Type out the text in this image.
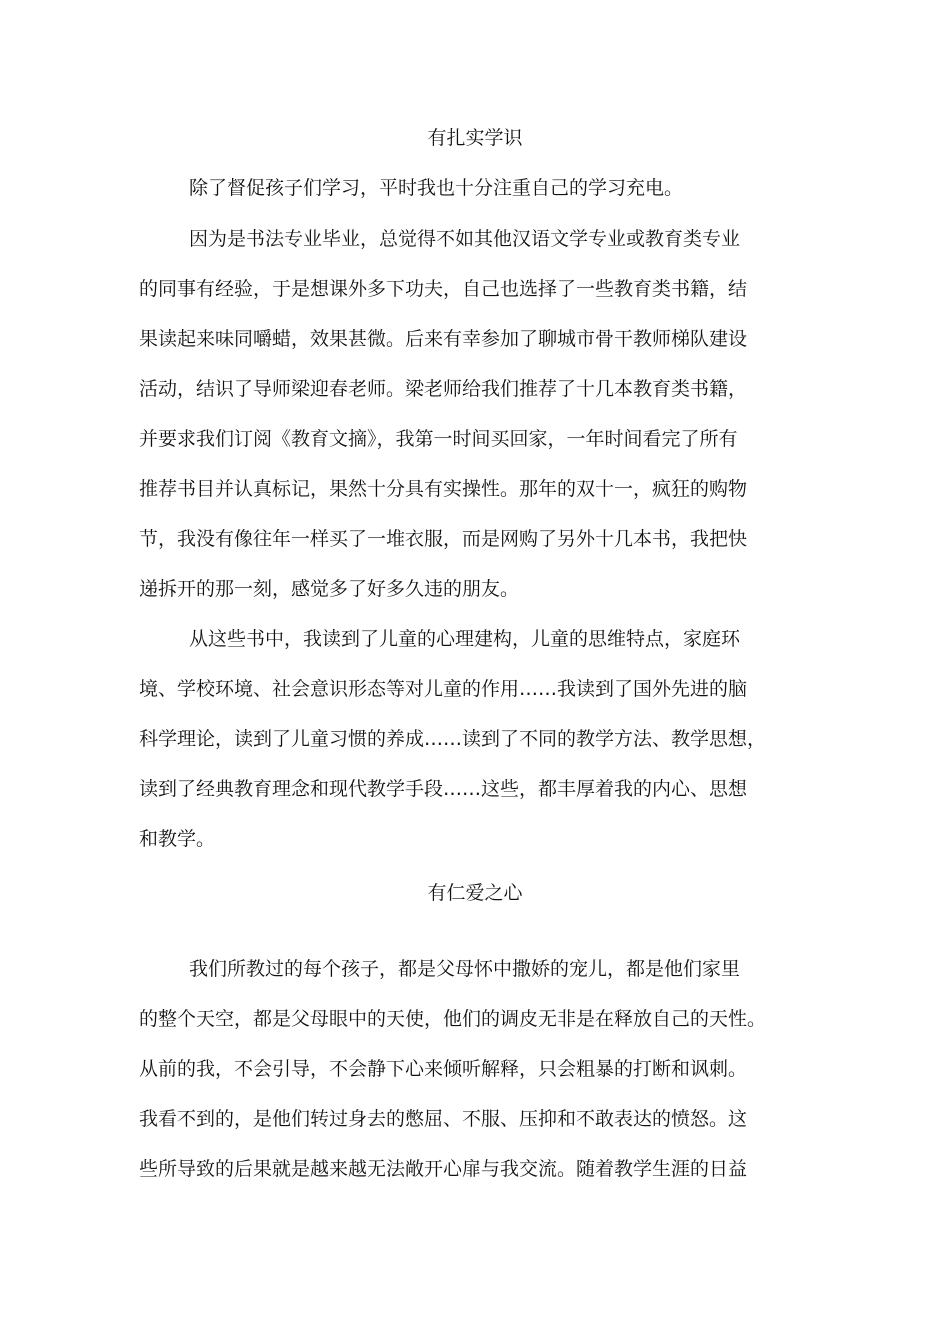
有扎实学识
除了督促孩子们学习，平时我也十分注重自己的学习充电。
因为是书法专业毕业，总觉得不如其他汉语文学专业或教育类专业
的同事有经验，于是想课外多下功夫，自己也选择了一些教育类书籍，结
果读起来味同嚼蜡，效果甚微。后来有幸参加了聊城市骨干教师梯队建设
活动，结识了导师梁迎春老师。梁老师给我们推荐了十几本教育类书籍，
并要求我们订阅《教育文摘》，我第一时间买回家，一年时间看完了所有
推荐书目并认真标记，果然十分具有实操性。那年的双十一，疯狂的购物
节，我没有像往年一样买了一堆衣服，而是网购了另外十几本书，我把快
递拆开的那一刻，感觉多了好多久违的朋友。
从这些书中，我读到了儿童的心理建构，儿童的思维特点，家庭环
境、学校环境、社会意识形态等对儿童的作用……我读到了国外先进的脑
科学理论，读到了儿童习惯的养成……读到了不同的教学方法、教学思想，
读到了经典教育理念和现代教学手段……这些，都丰厚着我的内心、思想
和教学。
有仁爱之心
我们所教过的每个孩子，都是父母怀中撒娇的宠儿，都是他们家里
的整个天空，都是父母眼中的天使，他们的调皮无非是在释放自己的天性。
从前的我，不会引导，不会静下心来倾听解释，只会粗暴的打断和讽刺。
我看不到的，是他们转过身去的憋屈、不服、压抑和不敢表达的愤怒。这
些所导致的后果就是越来越无法敞开心扉与我交流。随着教学生涯的日益
